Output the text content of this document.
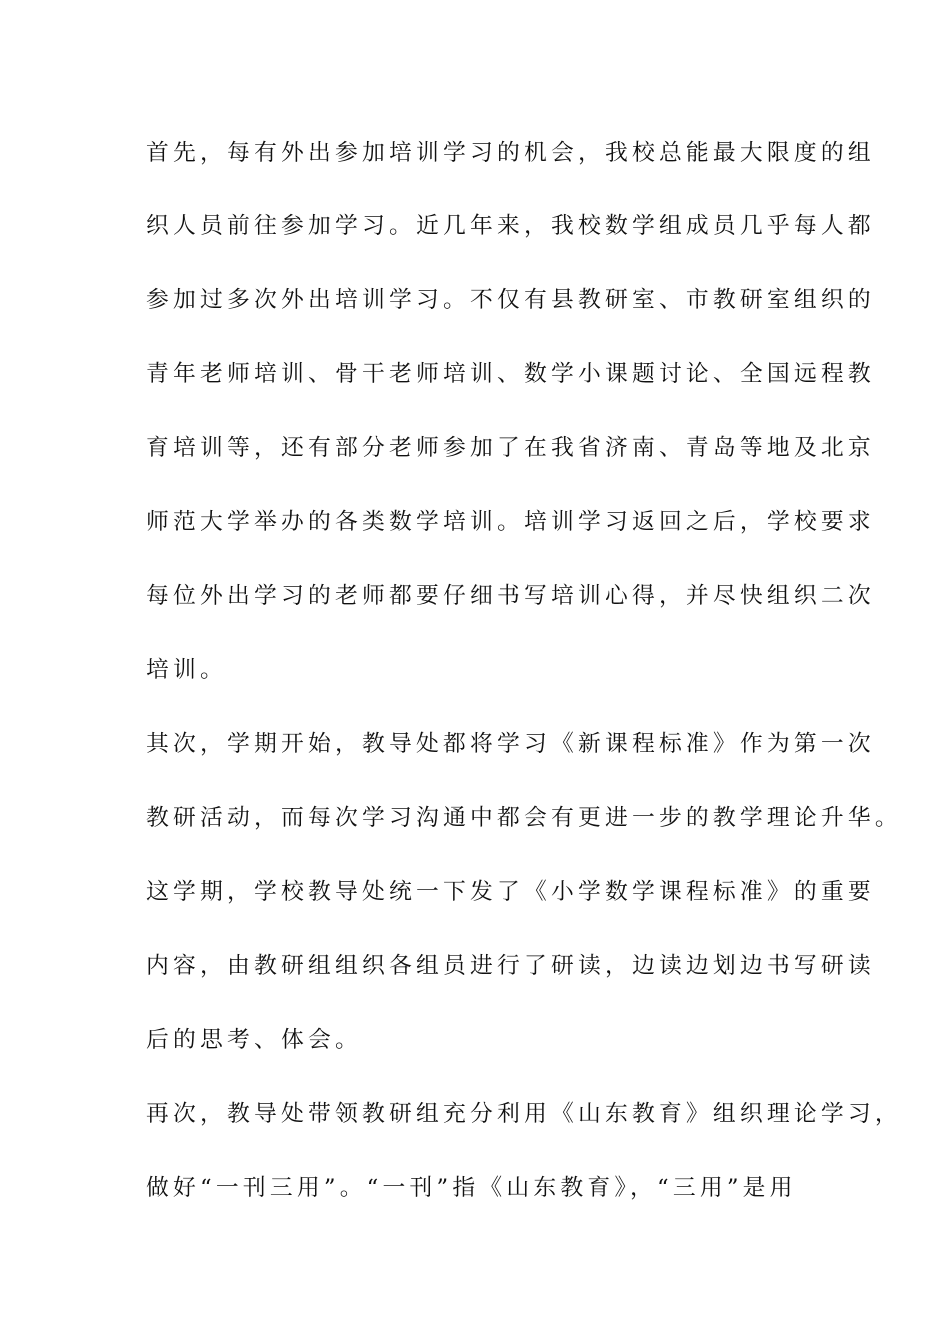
首先，每有外出参加培训学习的机会，我校总能最大限度的组
织人员前往参加学习。近几年来，我校数学组成员几乎每人都
参加过多次外出培训学习。不仅有县教研室、市教研室组织的
青年老师培训、骨干老师培训、数学小课题讨论、全国远程教
育培训等，还有部分老师参加了在我省济南、青岛等地及北京
师范大学举办的各类数学培训。培训学习返回之后，学校要求
每位外出学习的老师都要仔细书写培训心得，并尽快组织二次
培训。
其次，学期开始，教导处都将学习《新课程标准》作为第一次
教研活动，而每次学习沟通中都会有更进一步的教学理论升华。
这学期，学校教导处统一下发了《小学数学课程标准》的重要
内容，由教研组组织各组员进行了研读，边读边划边书写研读
后的思考、体会。
再次，教导处带领教研组充分利用《山东教育》组织理论学习，
做好“一刊三用”。“一刊”指《山东教育》，“三用”是用
